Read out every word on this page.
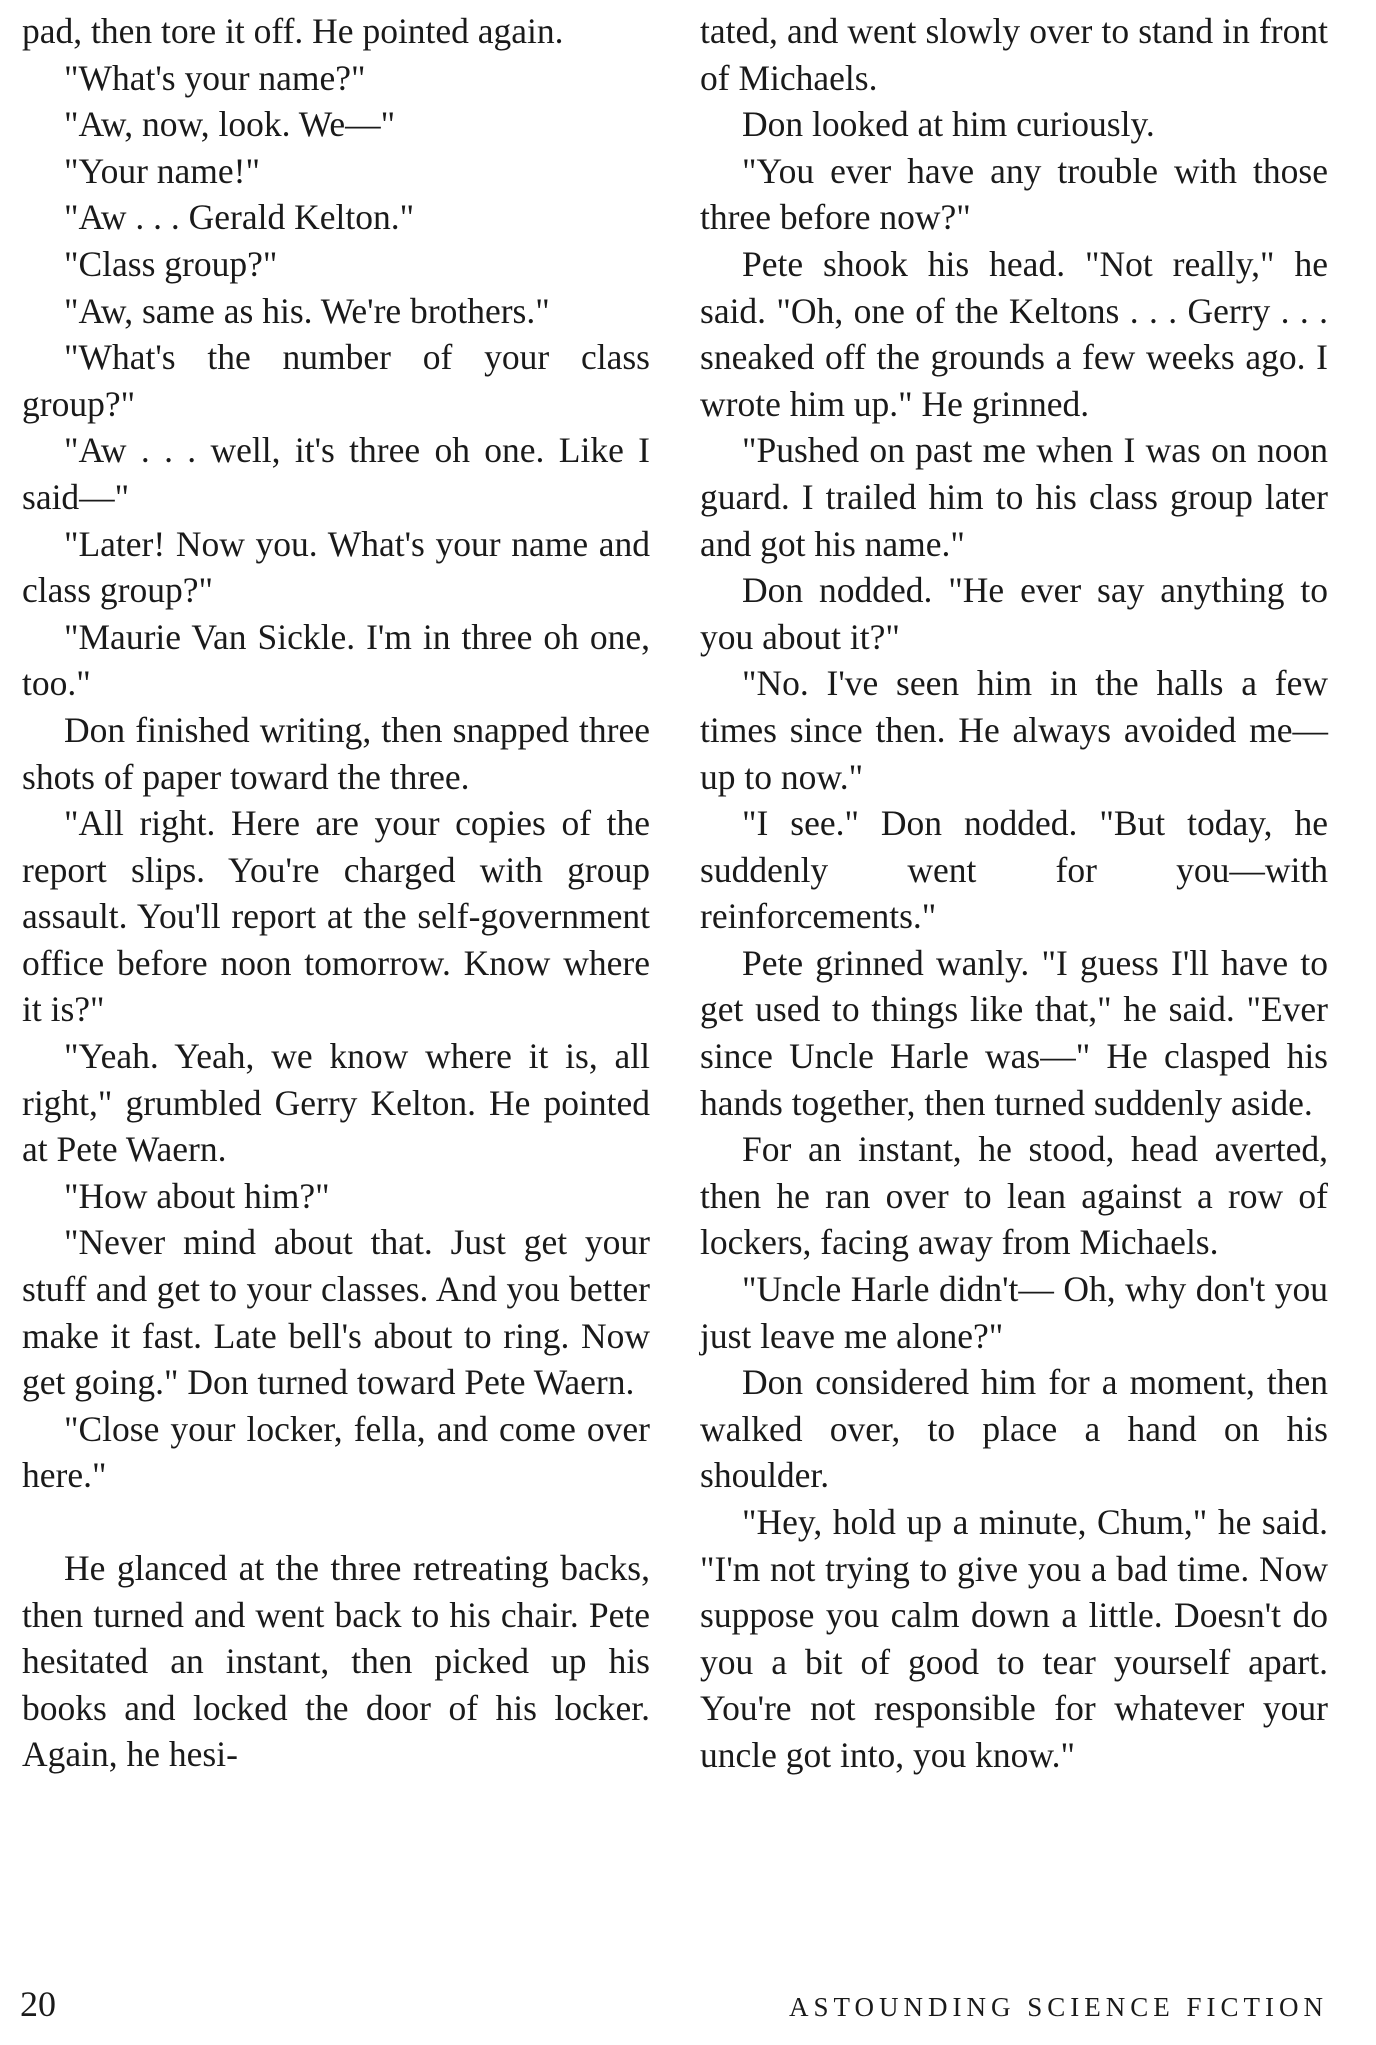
pad, then tore it off. He pointed again.

"What's your name?"

"Aw, now, look. We—"

"Your name!"

"Aw . . . Gerald Kelton."

"Class group?"

"Aw, same as his. We're brothers."

"What's the number of your class group?"

"Aw . . . well, it's three oh one. Like I said—"

"Later! Now you. What's your name and class group?"

"Maurie Van Sickle. I'm in three oh one, too."

Don finished writing, then snapped three shots of paper toward the three.

"All right. Here are your copies of the report slips. You're charged with group assault. You'll report at the self-government office before noon tomorrow. Know where it is?"

"Yeah. Yeah, we know where it is, all right," grumbled Gerry Kelton. He pointed at Pete Waern.

"How about him?"

"Never mind about that. Just get your stuff and get to your classes. And you better make it fast. Late bell's about to ring. Now get going." Don turned toward Pete Waern.

"Close your locker, fella, and come over here."

He glanced at the three retreating backs, then turned and went back to his chair. Pete hesitated an instant, then picked up his books and locked the door of his locker. Again, he hesi-

tated, and went slowly over to stand in front of Michaels.

Don looked at him curiously.

"You ever have any trouble with those three before now?"

Pete shook his head. "Not really," he said. "Oh, one of the Keltons . . . Gerry . . . sneaked off the grounds a few weeks ago. I wrote him up." He grinned.

"Pushed on past me when I was on noon guard. I trailed him to his class group later and got his name."

Don nodded. "He ever say anything to you about it?"

"No. I've seen him in the halls a few times since then. He always avoided me—up to now."

"I see." Don nodded. "But today, he suddenly went for you—with reinforcements."

Pete grinned wanly. "I guess I'll have to get used to things like that," he said. "Ever since Uncle Harle was—" He clasped his hands together, then turned suddenly aside.

For an instant, he stood, head averted, then he ran over to lean against a row of lockers, facing away from Michaels.

"Uncle Harle didn't— Oh, why don't you just leave me alone?"

Don considered him for a moment, then walked over, to place a hand on his shoulder.

"Hey, hold up a minute, Chum," he said. "I'm not trying to give you a bad time. Now suppose you calm down a little. Doesn't do you a bit of good to tear yourself apart. You're not responsible for whatever your uncle got into, you know."

20	ASTOUNDING SCIENCE FICTION
